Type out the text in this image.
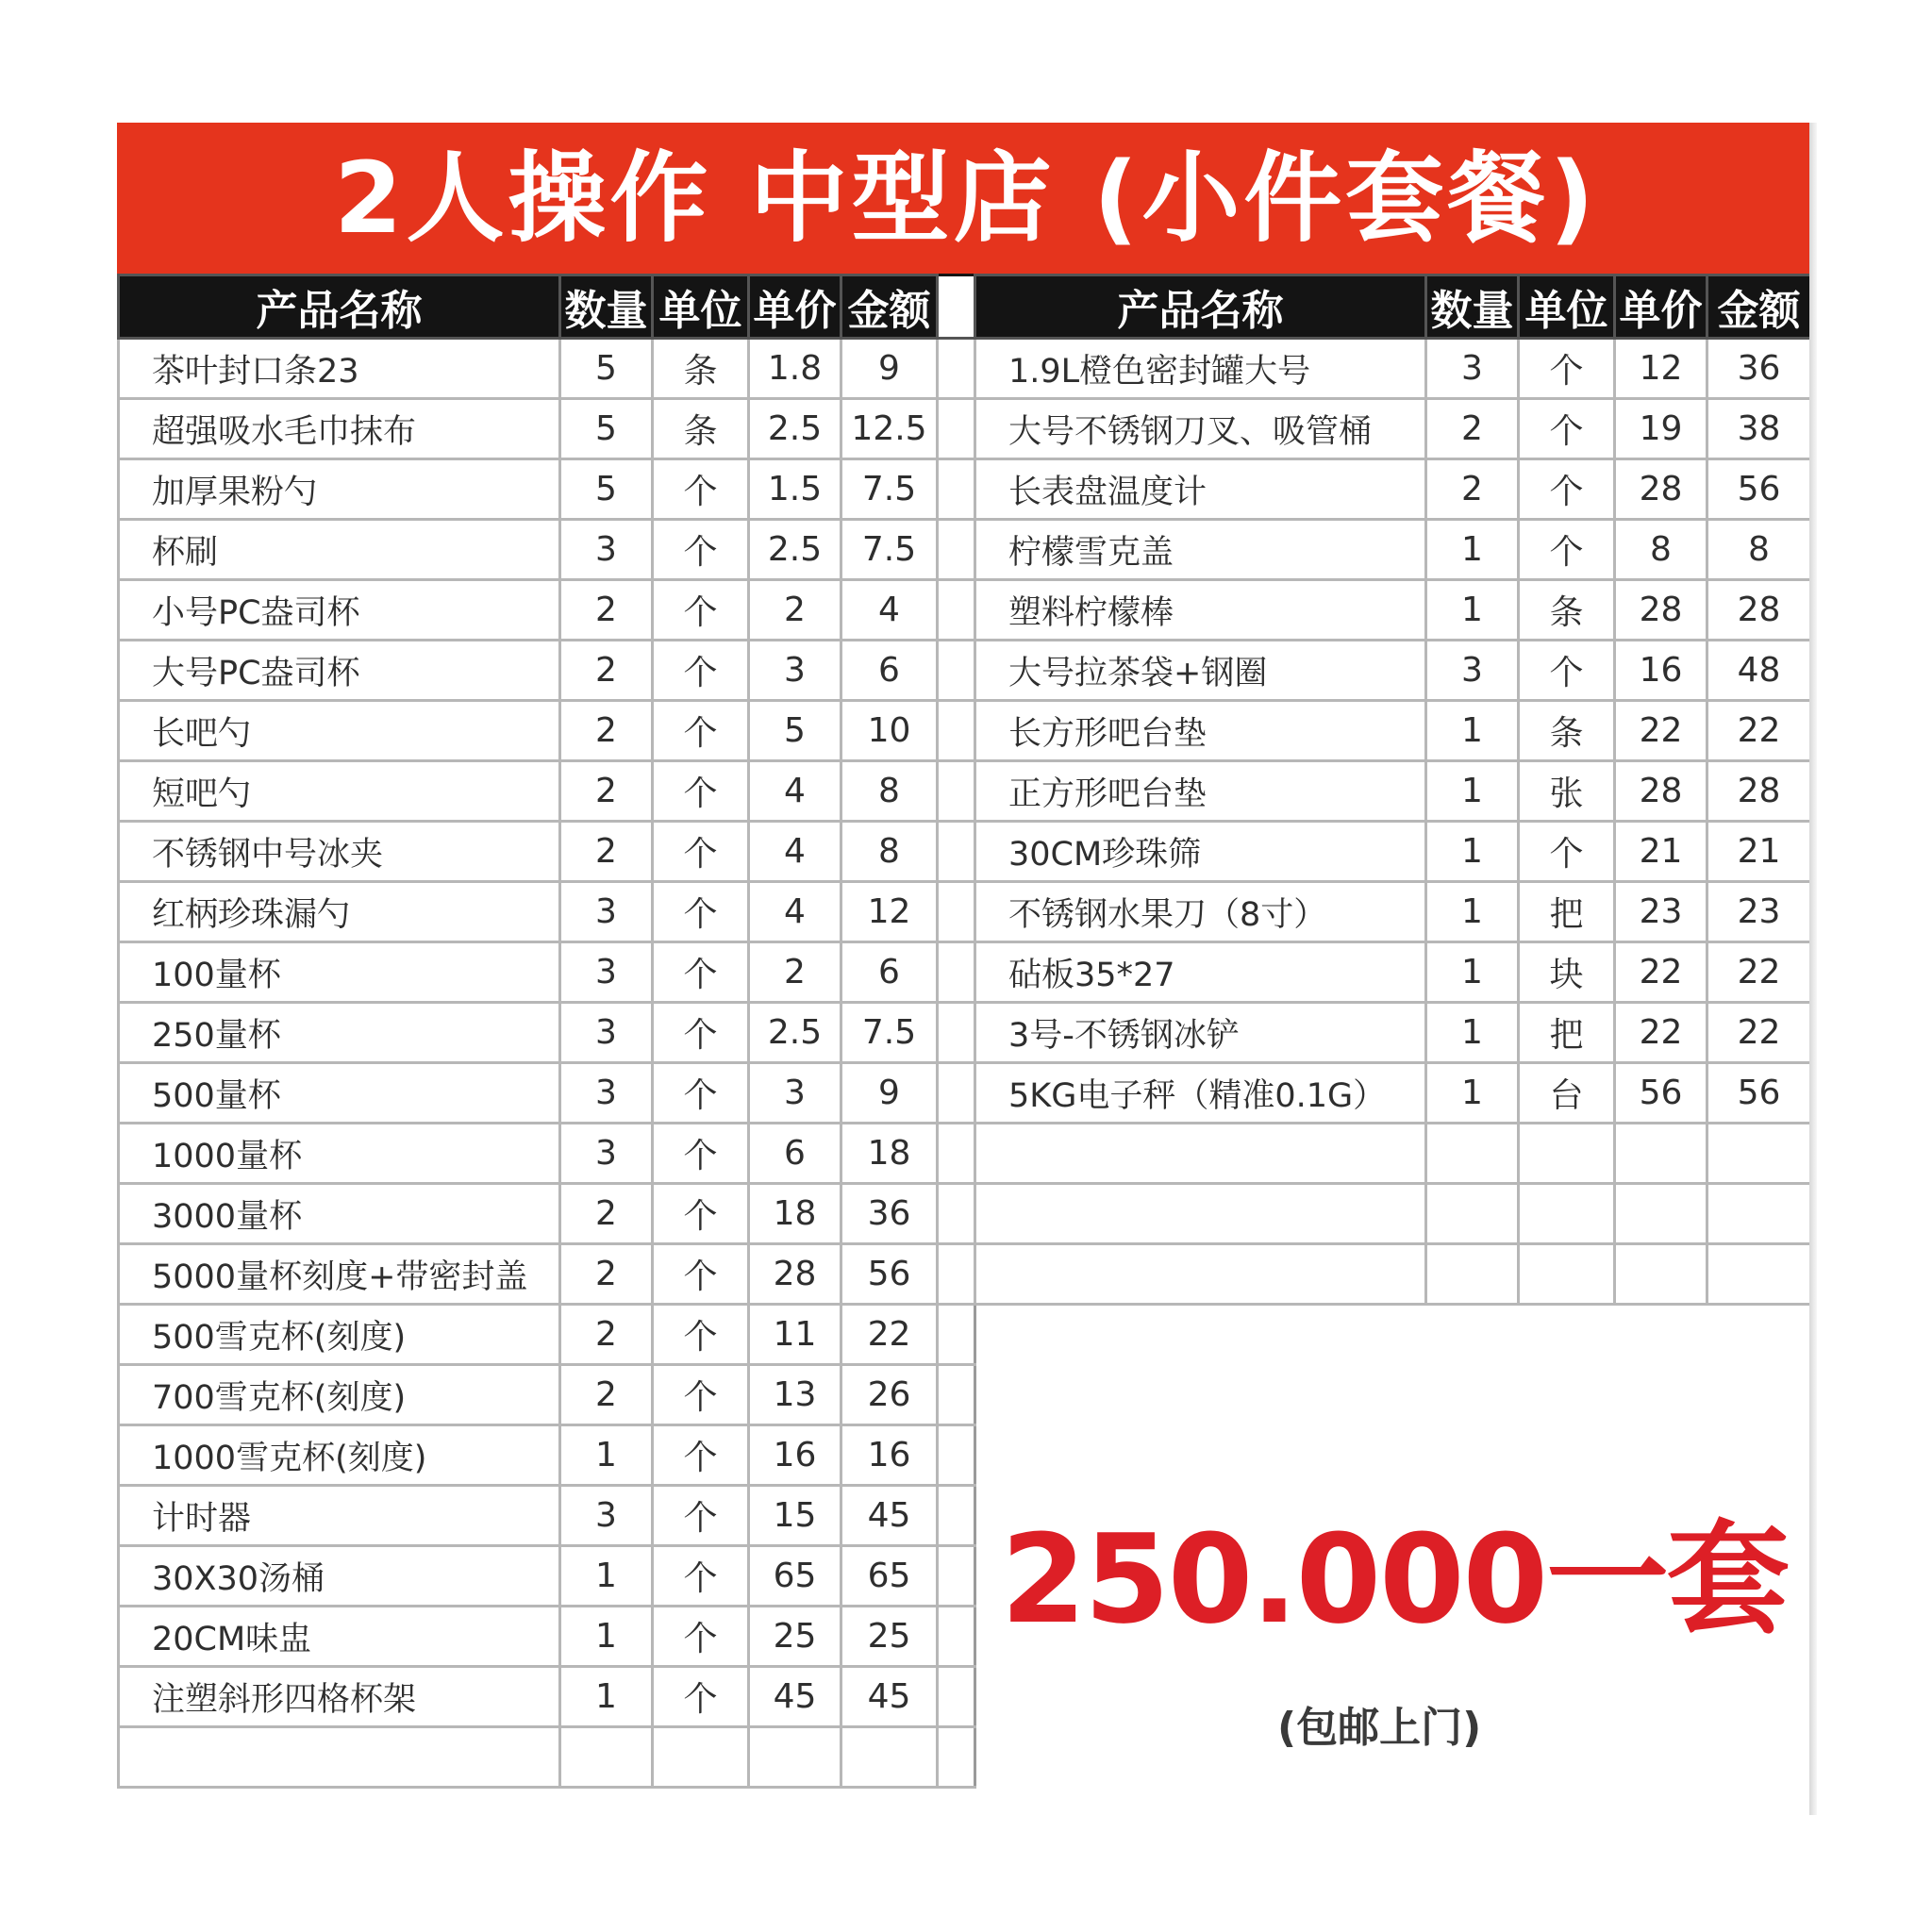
2人操作 中型店 (小件套餐)
产品名称	数量	单位	单价	金额	
茶叶封口条23	5	条	1.8	9	
超强吸水毛巾抹布	5	条	2.5	12.5	
加厚果粉勺	5	个	1.5	7.5	
杯刷	3	个	2.5	7.5	
小号PC盎司杯	2	个	2	4	
大号PC盎司杯	2	个	3	6	
长吧勺	2	个	5	10	
短吧勺	2	个	4	8	
不锈钢中号冰夹	2	个	4	8	
红柄珍珠漏勺	3	个	4	12	
100量杯	3	个	2	6	
250量杯	3	个	2.5	7.5	
500量杯	3	个	3	9	
1000量杯	3	个	6	18	
3000量杯	2	个	18	36	
5000量杯刻度+带密封盖	2	个	28	56	
500雪克杯(刻度)	2	个	11	22	
700雪克杯(刻度)	2	个	13	26	
1000雪克杯(刻度)	1	个	16	16	
计时器	3	个	15	45	
30X30汤桶	1	个	65	65	
20CM味盅	1	个	25	25	
注塑斜形四格杯架	1	个	45	45	

产品名称	数量	单位	单价	金额
1.9L橙色密封罐大号	3	个	12	36
大号不锈钢刀叉、吸管桶	2	个	19	38
长表盘温度计	2	个	28	56
柠檬雪克盖	1	个	8	8
塑料柠檬棒	1	条	28	28
大号拉茶袋+钢圈	3	个	16	48
长方形吧台垫	1	条	22	22
正方形吧台垫	1	张	28	28
30CM珍珠筛	1	个	21	21
不锈钢水果刀（8寸）	1	把	23	23
砧板35*27	1	块	22	22
3号-不锈钢冰铲	1	把	22	22
5KG电子秤（精准0.1G）	1	台	56	56

250.000一套
(包邮上门)
